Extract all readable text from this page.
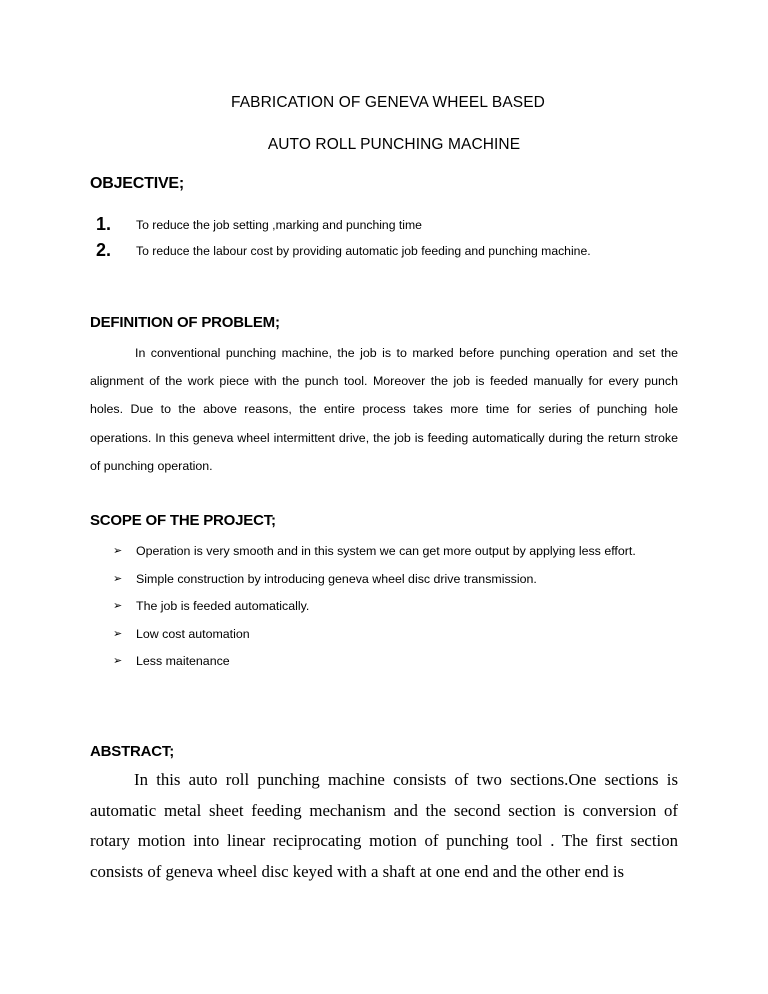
FABRICATION OF GENEVA WHEEL BASED
AUTO ROLL PUNCHING MACHINE
OBJECTIVE;
1. To reduce the job setting ,marking and punching time
2. To reduce the labour cost by providing automatic job feeding and punching machine.
DEFINITION OF PROBLEM;
In conventional punching machine, the job is to marked before punching operation and set the alignment of the work piece with the punch tool. Moreover the job is feeded manually for every punch holes. Due to the above reasons, the entire process takes more time for series of punching hole operations. In this geneva wheel intermittent drive, the job is feeding automatically during the return stroke of punching operation.
SCOPE OF THE PROJECT;
➢ Operation is very smooth and in this system we can get more output by applying less effort.
➢ Simple construction by introducing geneva wheel disc drive transmission.
➢ The job is feeded automatically.
➢ Low cost automation
➢ Less maitenance
ABSTRACT;
In this auto roll punching machine consists of two sections.One sections is automatic metal sheet feeding mechanism and the second section is conversion of rotary motion into linear reciprocating motion of punching tool . The first section consists of geneva wheel disc keyed with a shaft at one end and the other end is
